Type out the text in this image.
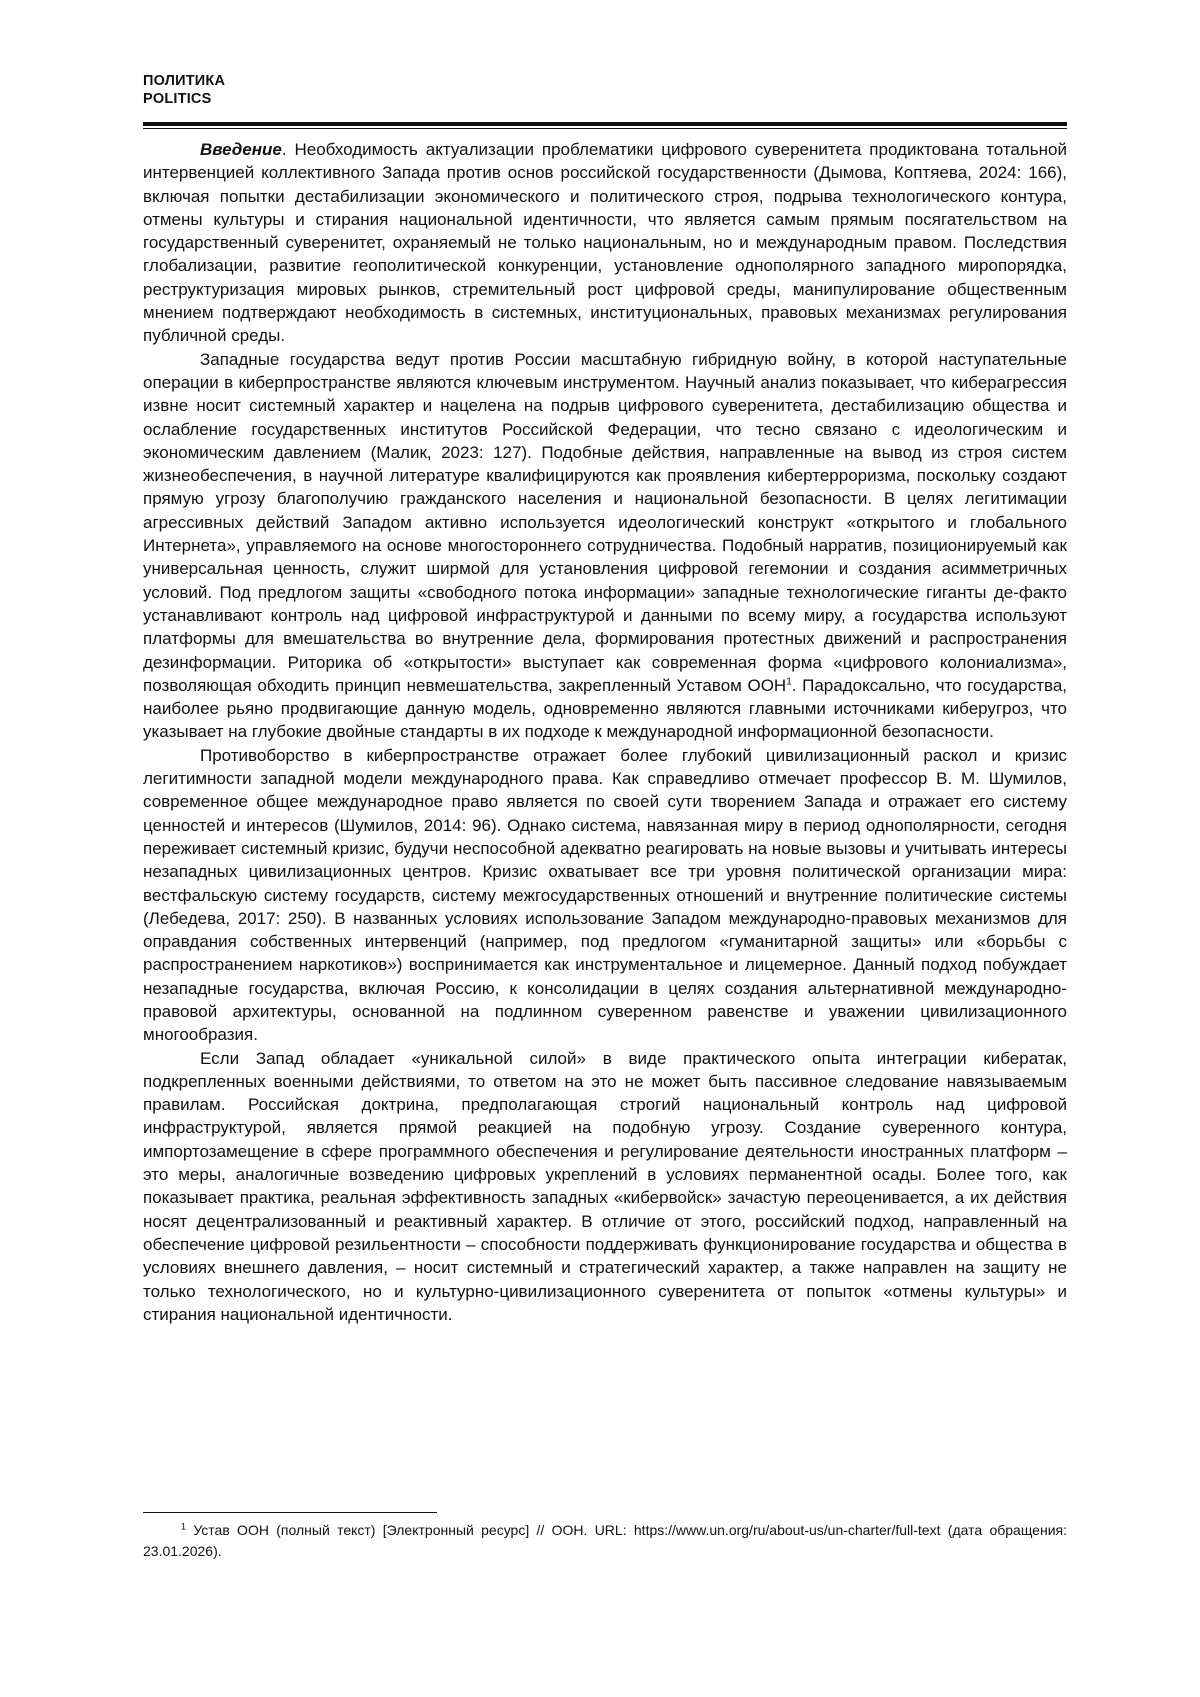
ПОЛИТИКА
POLITICS

Введение. Необходимость актуализации проблематики цифрового суверенитета продиктована тотальной интервенцией коллективного Запада против основ российской государственности (Дымова, Коптяева, 2024: 166), включая попытки дестабилизации экономического и политического строя, подрыва технологического контура, отмены культуры и стирания национальной идентичности, что является самым прямым посягательством на государственный суверенитет, охраняемый не только национальным, но и международным правом. Последствия глобализации, развитие геополитической конкуренции, установление однополярного западного миропорядка, реструктуризация мировых рынков, стремительный рост цифровой среды, манипулирование общественным мнением подтверждают необходимость в системных, институциональных, правовых механизмах регулирования публичной среды.

Западные государства ведут против России масштабную гибридную войну, в которой наступательные операции в киберпространстве являются ключевым инструментом. Научный анализ показывает, что киберагрессия извне носит системный характер и нацелена на подрыв цифрового суверенитета, дестабилизацию общества и ослабление государственных институтов Российской Федерации, что тесно связано с идеологическим и экономическим давлением (Малик, 2023: 127). Подобные действия, направленные на вывод из строя систем жизнеобеспечения, в научной литературе квалифицируются как проявления кибертерроризма, поскольку создают прямую угрозу благополучию гражданского населения и национальной безопасности. В целях легитимации агрессивных действий Западом активно используется идеологический конструкт «открытого и глобального Интернета», управляемого на основе многостороннего сотрудничества. Подобный нарратив, позиционируемый как универсальная ценность, служит ширмой для установления цифровой гегемонии и создания асимметричных условий. Под предлогом защиты «свободного потока информации» западные технологические гиганты де-факто устанавливают контроль над цифровой инфраструктурой и данными по всему миру, а государства используют платформы для вмешательства во внутренние дела, формирования протестных движений и распространения дезинформации. Риторика об «открытости» выступает как современная форма «цифрового колониализма», позволяющая обходить принцип невмешательства, закрепленный Уставом ООН$^1$. Парадоксально, что государства, наиболее рьяно продвигающие данную модель, одновременно являются главными источниками киберугроз, что указывает на глубокие двойные стандарты в их подходе к международной информационной безопасности.

Противоборство в киберпространстве отражает более глубокий цивилизационный раскол и кризис легитимности западной модели международного права. Как справедливо отмечает профессор В. М. Шумилов, современное общее международное право является по своей сути творением Запада и отражает его систему ценностей и интересов (Шумилов, 2014: 96). Однако система, навязанная миру в период однополярности, сегодня переживает системный кризис, будучи неспособной адекватно реагировать на новые вызовы и учитывать интересы незападных цивилизационных центров. Кризис охватывает все три уровня политической организации мира: вестфальскую систему государств, систему межгосударственных отношений и внутренние политические системы (Лебедева, 2017: 250). В названных условиях использование Западом международно-правовых механизмов для оправдания собственных интервенций (например, под предлогом «гуманитарной защиты» или «борьбы с распространением наркотиков») воспринимается как инструментальное и лицемерное. Данный подход побуждает незападные государства, включая Россию, к консолидации в целях создания альтернативной международно-правовой архитектуры, основанной на подлинном суверенном равенстве и уважении цивилизационного многообразия.

Если Запад обладает «уникальной силой» в виде практического опыта интеграции кибератак, подкрепленных военными действиями, то ответом на это не может быть пассивное следование навязываемым правилам. Российская доктрина, предполагающая строгий национальный контроль над цифровой инфраструктурой, является прямой реакцией на подобную угрозу. Создание суверенного контура, импортозамещение в сфере программного обеспечения и регулирование деятельности иностранных платформ – это меры, аналогичные возведению цифровых укреплений в условиях перманентной осады. Более того, как показывает практика, реальная эффективность западных «кибервойск» зачастую переоценивается, а их действия носят децентрализованный и реактивный характер. В отличие от этого, российский подход, направленный на обеспечение цифровой резильентности – способности поддерживать функционирование государства и общества в условиях внешнего давления, – носит системный и стратегический характер, а также направлен на защиту не только технологического, но и культурно-цивилизационного суверенитета от попыток «отмены культуры» и стирания национальной идентичности.

$^1$ Устав ООН (полный текст) [Электронный ресурс] // ООН. URL: https://www.un.org/ru/about-us/un-charter/full-text (дата обращения: 23.01.2026).
